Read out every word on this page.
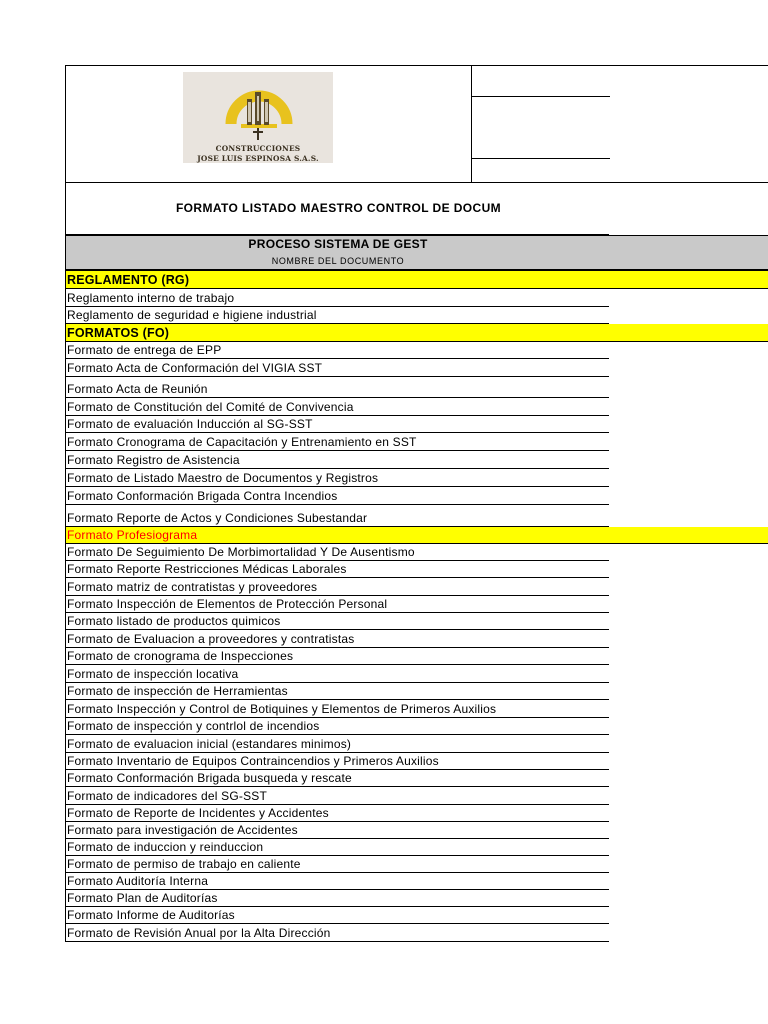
CONSTRUCCIONES
JOSE LUIS ESPINOSA S.A.S.
FORMATO LISTADO MAESTRO CONTROL DE DOCUM
PROCESO SISTEMA DE GEST
NOMBRE DEL DOCUMENTO
REGLAMENTO (RG)
Reglamento interno de trabajo
Reglamento de seguridad e higiene industrial
FORMATOS (FO)
Formato de entrega de EPP
Formato Acta de Conformación del VIGIA SST
Formato Acta de Reunión
Formato de Constitución del Comité de Convivencia
Formato de evaluación Inducción al SG-SST
Formato Cronograma de Capacitación y Entrenamiento en SST
Formato Registro de Asistencia
Formato de Listado Maestro de Documentos y Registros
Formato Conformación Brigada Contra Incendios
Formato Reporte de Actos y Condiciones Subestandar
Formato Profesiograma
Formato De Seguimiento De Morbimortalidad Y De Ausentismo
Formato Reporte Restricciones Médicas Laborales
Formato matriz de contratistas y proveedores
Formato Inspección de Elementos de Protección Personal
Formato listado de productos quimicos
Formato de Evaluacion a proveedores y contratistas
Formato de cronograma de Inspecciones
Formato de inspección locativa
Formato de inspección de Herramientas
Formato Inspección y Control de Botiquines y Elementos de Primeros Auxilios
Formato de inspección y contrlol de incendios
Formato de evaluacion inicial (estandares minimos)
Formato Inventario de Equipos Contraincendios y Primeros Auxilios
Formato Conformación Brigada busqueda y rescate
Formato de indicadores del SG-SST
Formato de Reporte de Incidentes y Accidentes
Formato para investigación de Accidentes
Formato de induccion y reinduccion
Formato de permiso de trabajo en caliente
Formato Auditoría Interna
Formato Plan de Auditorías
Formato Informe de Auditorías
Formato de Revisión Anual por la Alta Dirección
